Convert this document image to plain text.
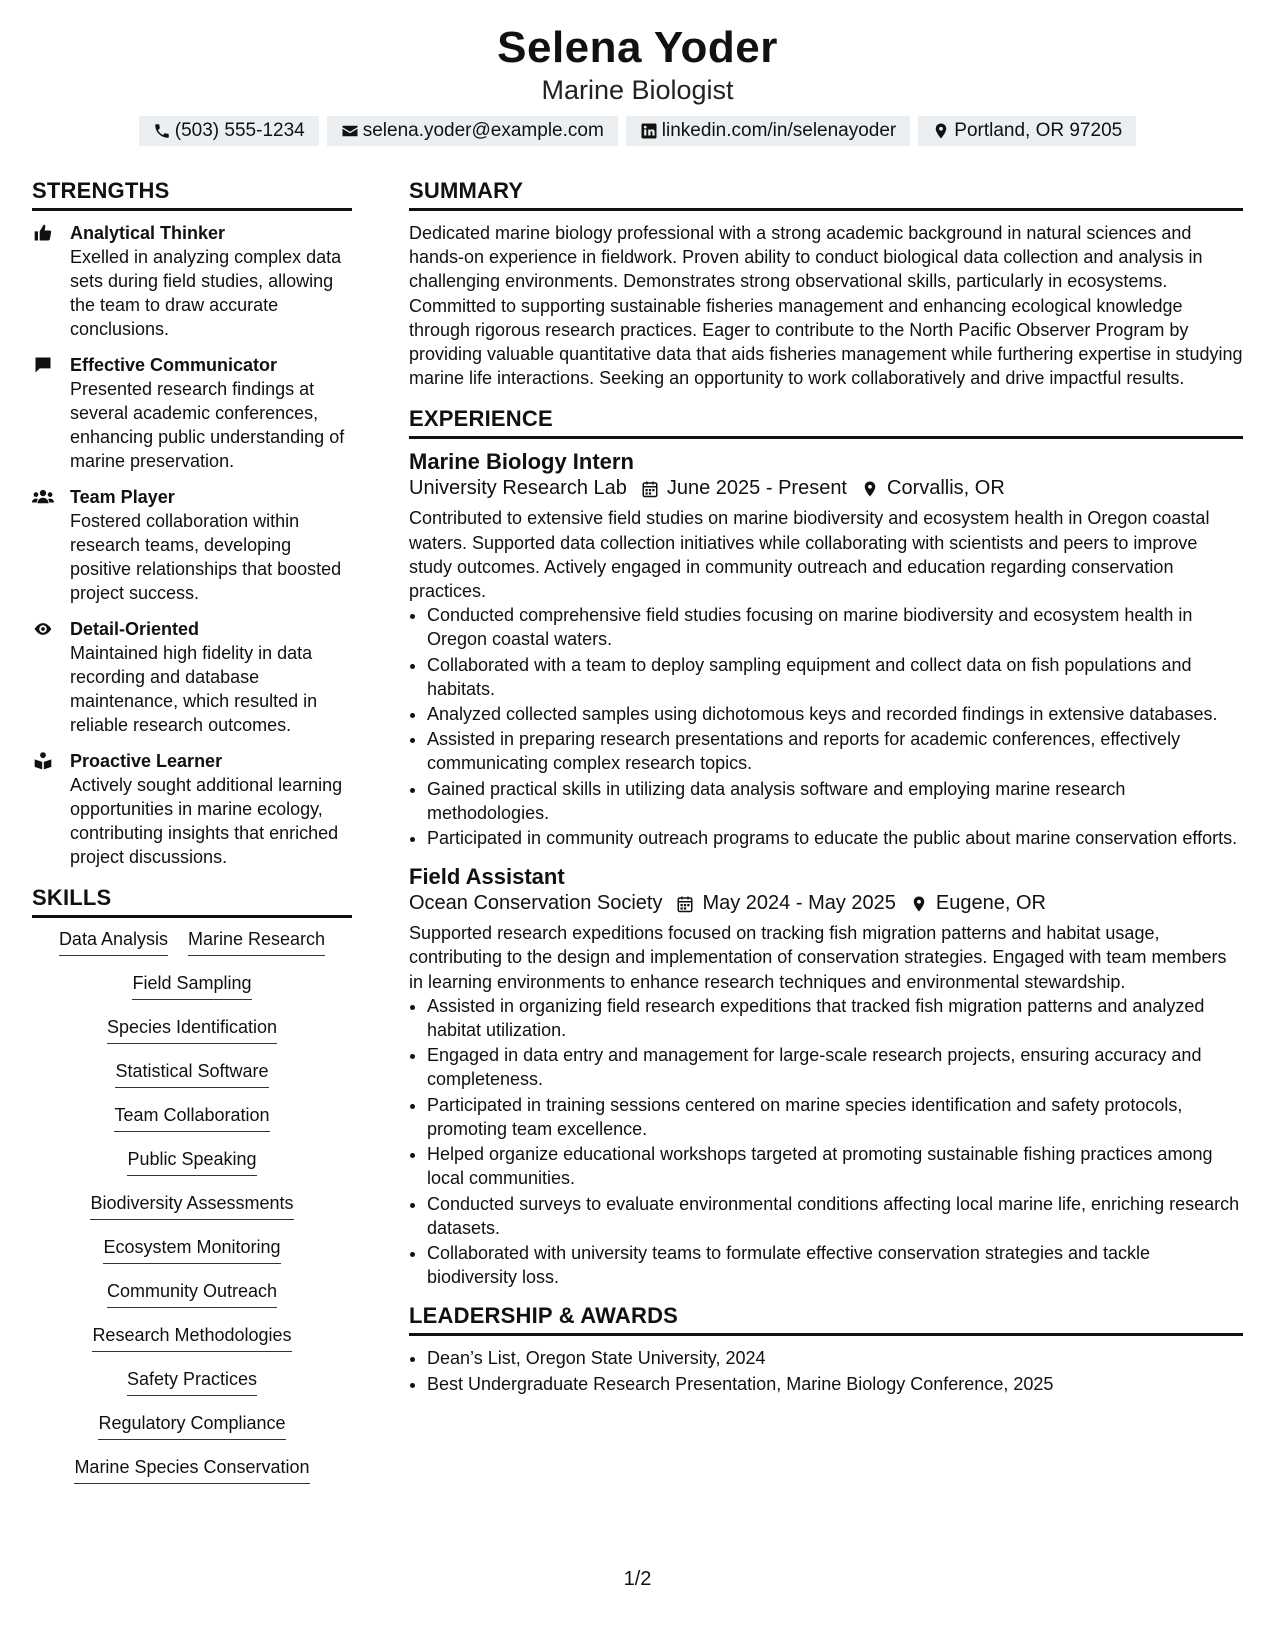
Selena Yoder
Marine Biologist
(503) 555-1234	selena.yoder@example.com	linkedin.com/in/selenayoder	Portland, OR 97205
STRENGTHS
Analytical Thinker
Exelled in analyzing complex data sets during field studies, allowing the team to draw accurate conclusions.
Effective Communicator
Presented research findings at several academic conferences, enhancing public understanding of marine preservation.
Team Player
Fostered collaboration within research teams, developing positive relationships that boosted project success.
Detail-Oriented
Maintained high fidelity in data recording and database maintenance, which resulted in reliable research outcomes.
Proactive Learner
Actively sought additional learning opportunities in marine ecology, contributing insights that enriched project discussions.
SKILLS
Data Analysis Marine Research
Field Sampling
Species Identification
Statistical Software
Team Collaboration
Public Speaking
Biodiversity Assessments
Ecosystem Monitoring
Community Outreach
Research Methodologies
Safety Practices
Regulatory Compliance
Marine Species Conservation
SUMMARY

Dedicated marine biology professional with a strong academic background in natural sciences and hands-on experience in fieldwork. Proven ability to conduct biological data collection and analysis in challenging environments. Demonstrates strong observational skills, particularly in ecosystems. Committed to supporting sustainable fisheries management and enhancing ecological knowledge through rigorous research practices. Eager to contribute to the North Pacific Observer Program by providing valuable quantitative data that aids fisheries management while furthering expertise in studying marine life interactions. Seeking an opportunity to work collaboratively and drive impactful results.

EXPERIENCE
Marine Biology Intern
University Research Lab June 2025 - Present Corvallis, OR

Contributed to extensive field studies on marine biodiversity and ecosystem health in Oregon coastal waters. Supported data collection initiatives while collaborating with scientists and peers to improve study outcomes. Actively engaged in community outreach and education regarding conservation practices.

• Conducted comprehensive field studies focusing on marine biodiversity and ecosystem health in Oregon coastal waters.
• Collaborated with a team to deploy sampling equipment and collect data on fish populations and habitats.
• Analyzed collected samples using dichotomous keys and recorded findings in extensive databases.
• Assisted in preparing research presentations and reports for academic conferences, effectively communicating complex research topics.
• Gained practical skills in utilizing data analysis software and employing marine research methodologies.
• Participated in community outreach programs to educate the public about marine conservation efforts.
Field Assistant
Ocean Conservation Society May 2024 - May 2025 Eugene, OR

Supported research expeditions focused on tracking fish migration patterns and habitat usage, contributing to the design and implementation of conservation strategies. Engaged with team members in learning environments to enhance research techniques and environmental stewardship.

• Assisted in organizing field research expeditions that tracked fish migration patterns and analyzed habitat utilization.
• Engaged in data entry and management for large-scale research projects, ensuring accuracy and completeness.
• Participated in training sessions centered on marine species identification and safety protocols, promoting team excellence.
• Helped organize educational workshops targeted at promoting sustainable fishing practices among local communities.
• Conducted surveys to evaluate environmental conditions affecting local marine life, enriching research datasets.
• Collaborated with university teams to formulate effective conservation strategies and tackle biodiversity loss.
LEADERSHIP & AWARDS
• Dean’s List, Oregon State University, 2024
• Best Undergraduate Research Presentation, Marine Biology Conference, 2025
1/2
